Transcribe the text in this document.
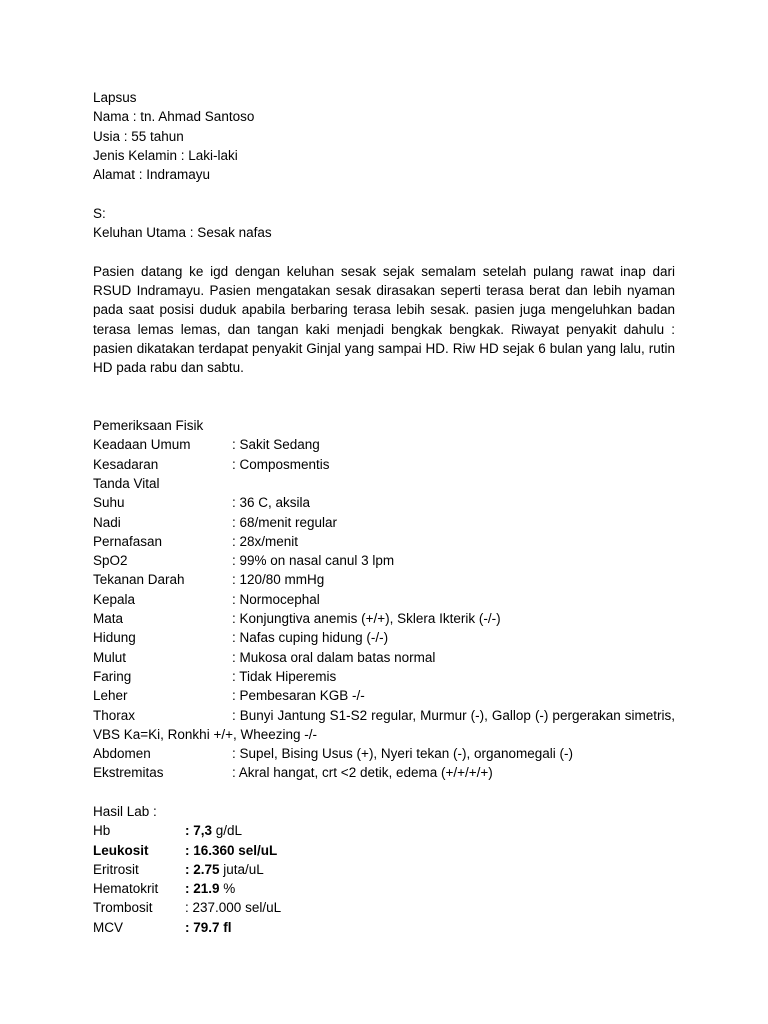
Lapsus
Nama : tn. Ahmad Santoso
Usia : 55 tahun
Jenis Kelamin : Laki-laki
Alamat : Indramayu
S:
Keluhan Utama : Sesak nafas

Pasien datang ke igd dengan keluhan sesak sejak semalam setelah pulang rawat inap dari RSUD Indramayu. Pasien mengatakan sesak dirasakan seperti terasa berat dan lebih nyaman pada saat posisi duduk apabila berbaring terasa lebih sesak. pasien juga mengeluhkan badan terasa lemas lemas, dan tangan kaki menjadi bengkak bengkak. Riwayat penyakit dahulu : pasien dikatakan terdapat penyakit Ginjal yang sampai HD. Riw HD sejak 6 bulan yang lalu, rutin HD pada rabu dan sabtu.

Pemeriksaan Fisik
Keadaan Umum	: Sakit Sedang
Kesadaran	: Composmentis
Tanda Vital
Suhu	: 36 C, aksila
Nadi	: 68/menit regular
Pernafasan	: 28x/menit
SpO2	: 99% on nasal canul 3 lpm
Tekanan Darah	: 120/80 mmHg
Kepala	: Normocephal
Mata	: Konjungtiva anemis (+/+), Sklera Ikterik (-/-)
Hidung	: Nafas cuping hidung (-/-)
Mulut	: Mukosa oral dalam batas normal
Faring	: Tidak Hiperemis
Leher	: Pembesaran KGB -/-
Thorax	: Bunyi Jantung S1-S2 regular, Murmur (-), Gallop (-) pergerakan simetris, VBS Ka=Ki, Ronkhi +/+, Wheezing -/-
Abdomen	: Supel, Bising Usus (+), Nyeri tekan (-), organomegali (-)
Ekstremitas	: Akral hangat, crt <2 detik, edema (+/+/+/+)
Hasil Lab :
Hb	: 7,3 g/dL
Leukosit	: 16.360 sel/uL
Eritrosit	: 2.75 juta/uL
Hematokrit	: 21.9 %
Trombosit	: 237.000 sel/uL
MCV	: 79.7 fl
